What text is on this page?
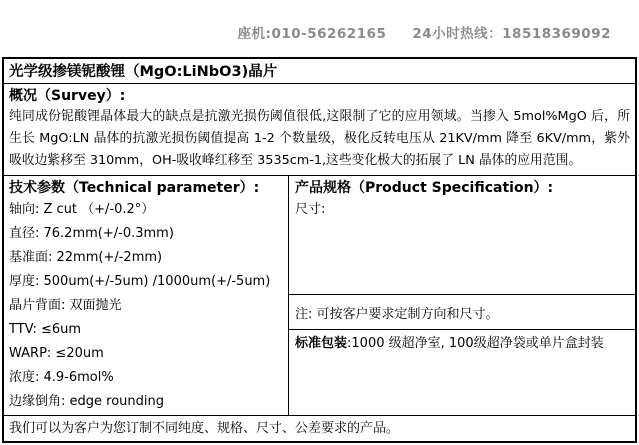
座机:010-56262165 24小时热线：18518369092
光学级掺镁铌酸锂（MgO:LiNbO3)晶片
概况（Survey）:

纯同成份铌酸锂晶体最大的缺点是抗激光损伤阈值很低,这限制了它的应用领域。当掺入 5mol%MgO 后，所生长 MgO:LN 晶体的抗激光损伤阈值提高 1-2 个数量级，极化反转电压从 21KV/mm 降至 6KV/mm，紫外吸收边紫移至 310mm，OH-吸收峰红移至 3535cm-1,这些变化极大的拓展了 LN 晶体的应用范围。

技术参数（Technical parameter）:
轴向: Z cut （+/-0.2°）
直径: 76.2mm(+/-0.3mm)
基准面: 22mm(+/-2mm)
厚度: 500um(+/-5um) /1000um(+/-5um)
晶片背面: 双面抛光
TTV: ≤6um
WARP: ≤20um
浓度: 4.9-6mol%
边缘倒角: edge rounding
产品规格（Product Specification）:
尺寸:
注: 可按客户要求定制方向和尺寸。
标准包装:1000 级超净室, 100级超净袋或单片盒封装
我们可以为客户为您订制不同纯度、规格、尺寸、公差要求的产品。
